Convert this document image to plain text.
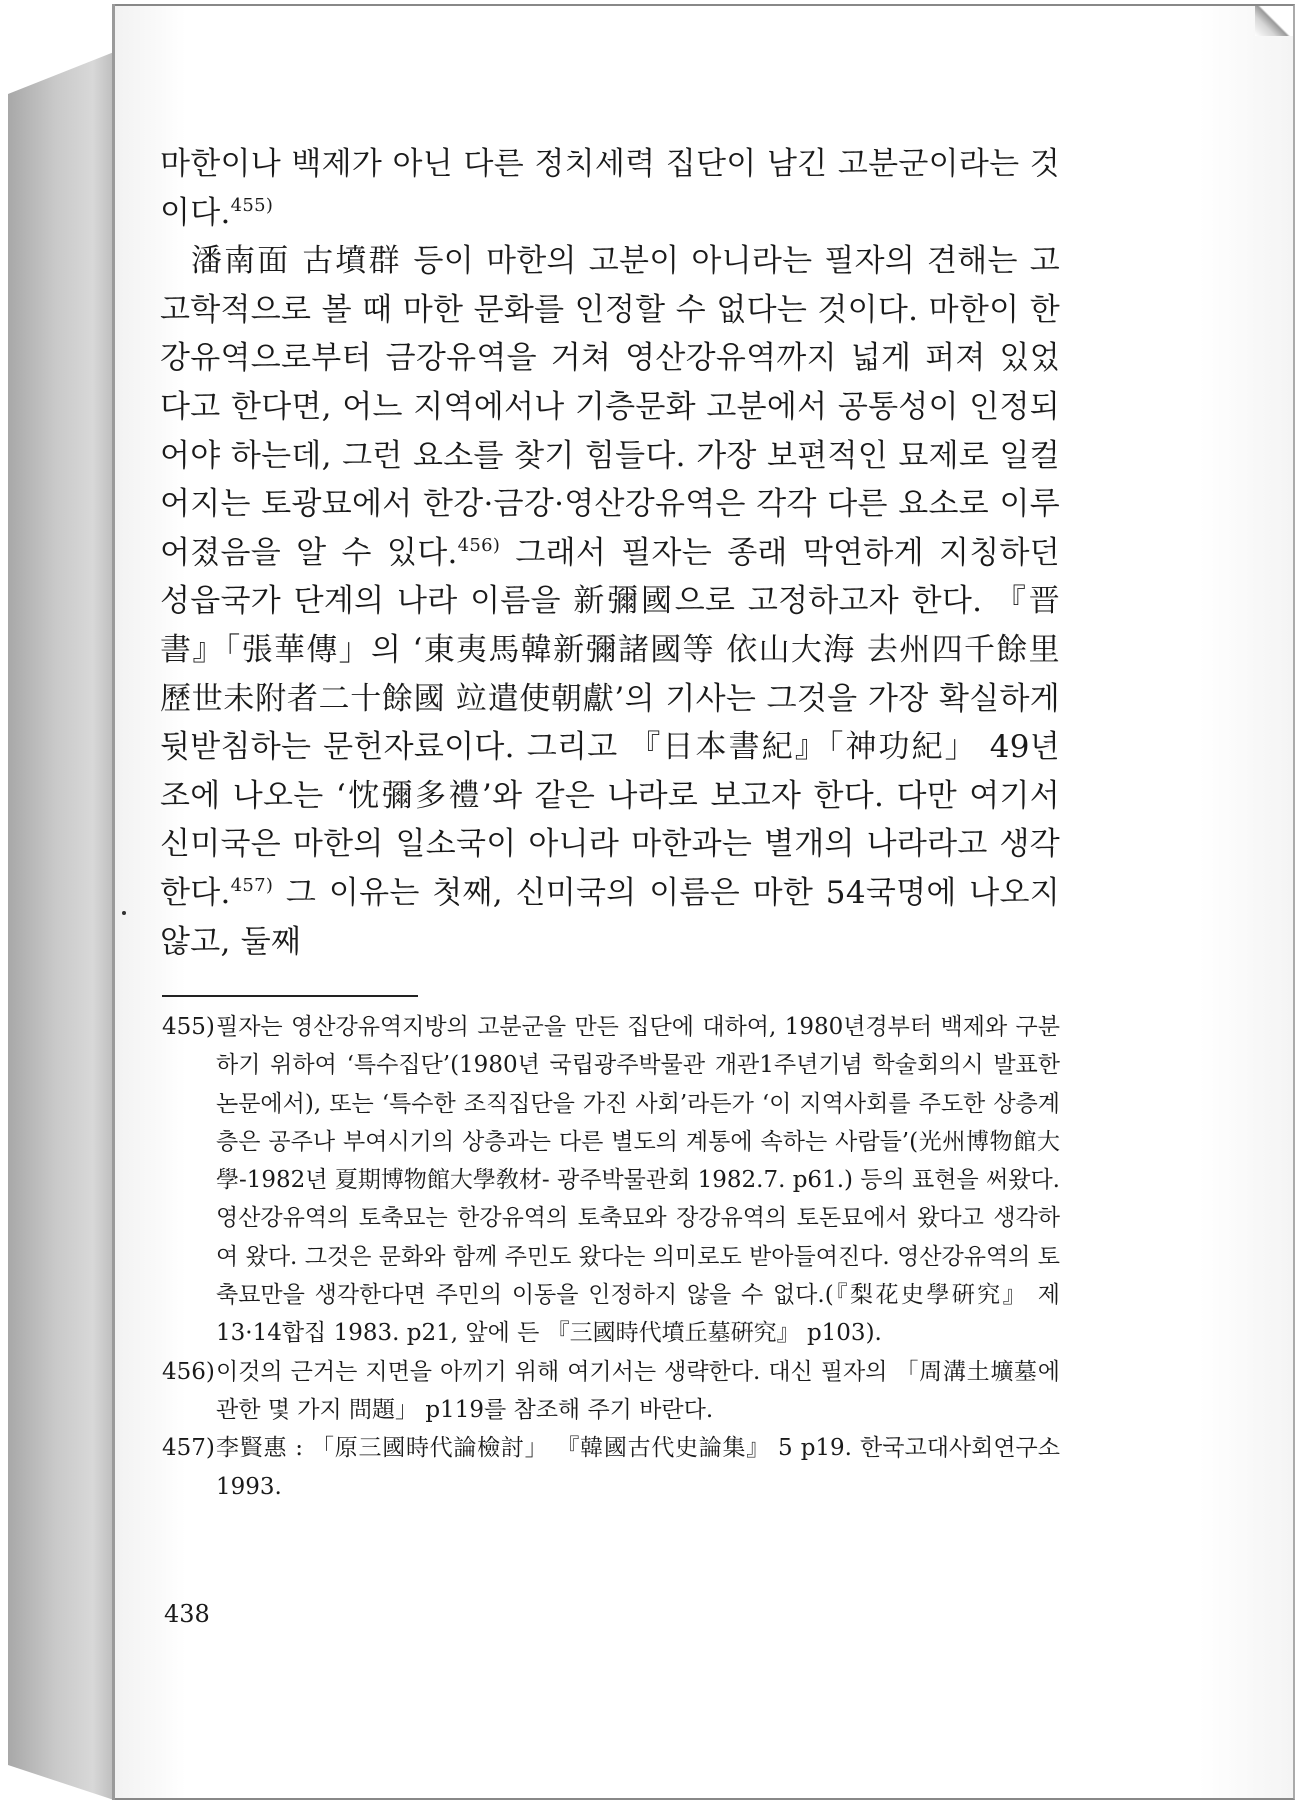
마한이나 백제가 아닌 다른 정치세력 집단이 남긴 고분군이라는 것이다.$^{455)}$

潘南面 古墳群 등이 마한의 고분이 아니라는 필자의 견해는 고고학적으로 볼 때 마한 문화를 인정할 수 없다는 것이다. 마한이 한강유역으로부터 금강유역을 거쳐 영산강유역까지 넓게 퍼져 있었다고 한다면, 어느 지역에서나 기층문화 고분에서 공통성이 인정되어야 하는데, 그런 요소를 찾기 힘들다. 가장 보편적인 묘제로 일컬어지는 토광묘에서 한강·금강·영산강유역은 각각 다른 요소로 이루어졌음을 알 수 있다.$^{456)}$ 그래서 필자는 종래 막연하게 지칭하던 성읍국가 단계의 나라 이름을 新彌國으로 고정하고자 한다. 『晋書』「張華傳」의 ‘東夷馬韓新彌諸國等 依山大海 去州四千餘里 歷世未附者二十餘國 竝遣使朝獻’의 기사는 그것을 가장 확실하게 뒷받침하는 문헌자료이다. 그리고 『日本書紀』「神功紀」 49년조에 나오는 ‘忱彌多禮’와 같은 나라로 보고자 한다. 다만 여기서 신미국은 마한의 일소국이 아니라 마한과는 별개의 나라라고 생각한다.$^{457)}$ 그 이유는 첫째, 신미국의 이름은 마한 54국명에 나오지 않고, 둘째

455) 필자는 영산강유역지방의 고분군을 만든 집단에 대하여, 1980년경부터 백제와 구분하기 위하여 ‘특수집단’(1980년 국립광주박물관 개관1주년기념 학술회의시 발표한 논문에서), 또는 ‘특수한 조직집단을 가진 사회’라든가 ‘이 지역사회를 주도한 상층계층은 공주나 부여시기의 상층과는 다른 별도의 계통에 속하는 사람들’(光州博物館大學-1982년 夏期博物館大學敎材- 광주박물관회 1982.7. p61.) 등의 표현을 써왔다. 영산강유역의 토축묘는 한강유역의 토축묘와 장강유역의 토돈묘에서 왔다고 생각하여 왔다. 그것은 문화와 함께 주민도 왔다는 의미로도 받아들여진다. 영산강유역의 토축묘만을 생각한다면 주민의 이동을 인정하지 않을 수 없다.(『梨花史學硏究』 제13·14합집 1983. p21, 앞에 든 『三國時代墳丘墓硏究』 p103).
456) 이것의 근거는 지면을 아끼기 위해 여기서는 생략한다. 대신 필자의 「周溝土壙墓에 관한 몇 가지 問題」 p119를 참조해 주기 바란다.
457) 李賢惠 : 「原三國時代論檢討」 『韓國古代史論集』 5 p19. 한국고대사회연구소 1993.
438
